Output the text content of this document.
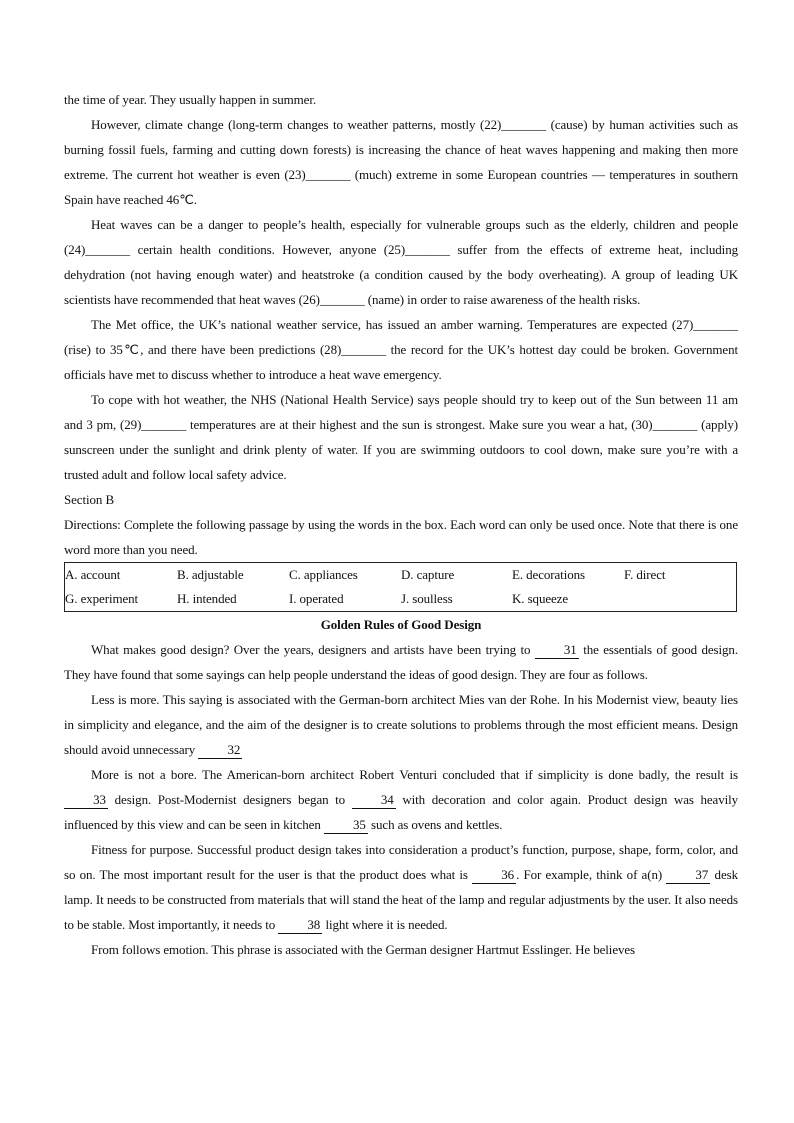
the time of year. They usually happen in summer.

However, climate change (long-term changes to weather patterns, mostly (22)_______ (cause) by human activities such as burning fossil fuels, farming and cutting down forests) is increasing the chance of heat waves happening and making then more extreme. The current hot weather is even (23)_______ (much) extreme in some European countries — temperatures in southern Spain have reached 46℃.

Heat waves can be a danger to people’s health, especially for vulnerable groups such as the elderly, children and people (24)_______ certain health conditions. However, anyone (25)_______ suffer from the effects of extreme heat, including dehydration (not having enough water) and heatstroke (a condition caused by the body overheating). A group of leading UK scientists have recommended that heat waves (26)_______ (name) in order to raise awareness of the health risks.

The Met office, the UK’s national weather service, has issued an amber warning. Temperatures are expected (27)_______ (rise) to 35℃, and there have been predictions (28)_______ the record for the UK’s hottest day could be broken. Government officials have met to discuss whether to introduce a heat wave emergency.

To cope with hot weather, the NHS (National Health Service) says people should try to keep out of the Sun between 11 am and 3 pm, (29)_______ temperatures are at their highest and the sun is strongest. Make sure you wear a hat, (30)_______ (apply) sunscreen under the sunlight and drink plenty of water. If you are swimming outdoors to cool down, make sure you’re with a trusted adult and follow local safety advice.

Section B

Directions: Complete the following passage by using the words in the box. Each word can only be used once. Note that there is one word more than you need.

A. account	B. adjustable	C. appliances	D. capture	E. decorations	F. direct
G. experiment	H. intended	I. operated	J. soulless	K. squeeze	

Golden Rules of Good Design

What makes good design? Over the years, designers and artists have been trying to	31 the essentials of good design. They have found that some sayings can help people understand the ideas of good design. They are four as follows.

Less is more. This saying is associated with the German-born architect Mies van der Rohe. In his Modernist view, beauty lies in simplicity and elegance, and the aim of the designer is to create solutions to problems through the most efficient means. Design should avoid unnecessary 32

More is not a bore. The American-born architect Robert Venturi concluded that if simplicity is done badly, the result is 33 design. Post-Modernist designers began to	34 with decoration and color again. Product design was heavily influenced by this view and can be seen in kitchen 35 such as ovens and kettles.

Fitness for purpose. Successful product design takes into consideration a product’s function, purpose, shape, form, color, and so on. The most important result for the user is that the product does what is	36 . For example, think of a(n)	37 desk lamp. It needs to be constructed from materials that will stand the heat of the lamp and regular adjustments by the user. It also needs to be stable. Most importantly, it needs to 38 light where it is needed.

From follows emotion. This phrase is associated with the German designer Hartmut Esslinger. He believes
